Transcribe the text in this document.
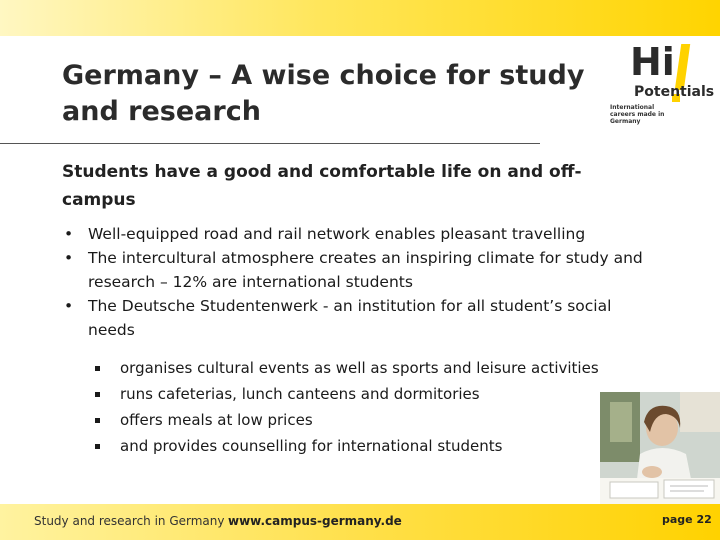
Germany – A wise choice for study and research
Hi
Potentials
International careers made in Germany
Students have a good and comfortable life on and off-campus
• Well-equipped road and rail network enables pleasant travelling
• The intercultural atmosphere creates an inspiring climate for study and research – 12% are international students
• The Deutsche Studentenwerk - an institution for all student’s social needs
organises cultural events as well as sports and leisure activities
runs cafeterias, lunch canteens and dormitories
offers meals at low prices
and provides counselling for international students
Study and research in Germany www.campus-germany.de	page 22
